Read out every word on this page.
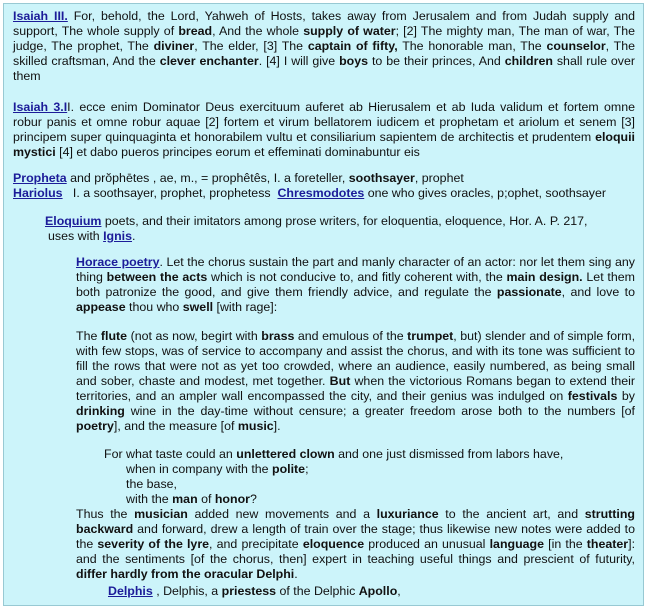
Isaiah III. For, behold, the Lord, Yahweh of Hosts, takes away from Jerusalem and from Judah supply and support, The whole supply of bread, And the whole supply of water; [2] The mighty man, The man of war, The judge, The prophet, The diviner, The elder, [3] The captain of fifty, The honorable man, The counselor, The skilled craftsman, And the clever enchanter. [4] I will give boys to be their princes, And children shall rule over them
Isaiah 3.II. ecce enim Dominator Deus exercituum auferet ab Hierusalem et ab Iuda validum et fortem omne robur panis et omne robur aquae [2] fortem et virum bellatorem iudicem et prophetam et ariolum et senem [3] principem super quinquaginta et honorabilem vultu et consiliarium sapientem de architectis et prudentem eloquii mystici [4] et dabo pueros principes eorum et effeminati dominabuntur eis
Propheta and prŏphētes , ae, m., = prophêtês, I. a foreteller, soothsayer, prophet
Hariolus   I. a soothsayer, prophet, prophetess  Chresmodotes one who gives oracles, p;ophet, soothsayer
Eloquium poets, and their imitators among prose writers, for eloquentia, eloquence, Hor. A. P. 217,
uses with Ignis.
Horace poetry. Let the chorus sustain the part and manly character of an actor: nor let them sing any thing between the acts which is not conducive to, and fitly coherent with, the main design. Let them both patronize the good, and give them friendly advice, and regulate the passionate, and love to appease thou who swell [with rage]:
The flute (not as now, begirt with brass and emulous of the trumpet, but) slender and of simple form, with few stops, was of service to accompany and assist the chorus, and with its tone was sufficient to fill the rows that were not as yet too crowded, where an audience, easily numbered, as being small and sober, chaste and modest, met together. But when the victorious Romans began to extend their territories, and an ampler wall encompassed the city, and their genius was indulged on festivals by drinking wine in the day-time without censure; a greater freedom arose both to the numbers [of poetry], and the measure [of music].
For what taste could an unlettered clown and one just dismissed from labors have,
when in company with the polite;
the base,
with the man of honor?
Thus the musician added new movements and a luxuriance to the ancient art, and strutting backward and forward, drew a length of train over the stage; thus likewise new notes were added to the severity of the lyre, and precipitate eloquence produced an unusual language [in the theater]: and the sentiments [of the chorus, then] expert in teaching useful things and prescient of futurity, differ hardly from the oracular Delphi.
Delphis , Delphis, a priestess of the Delphic Apollo,
